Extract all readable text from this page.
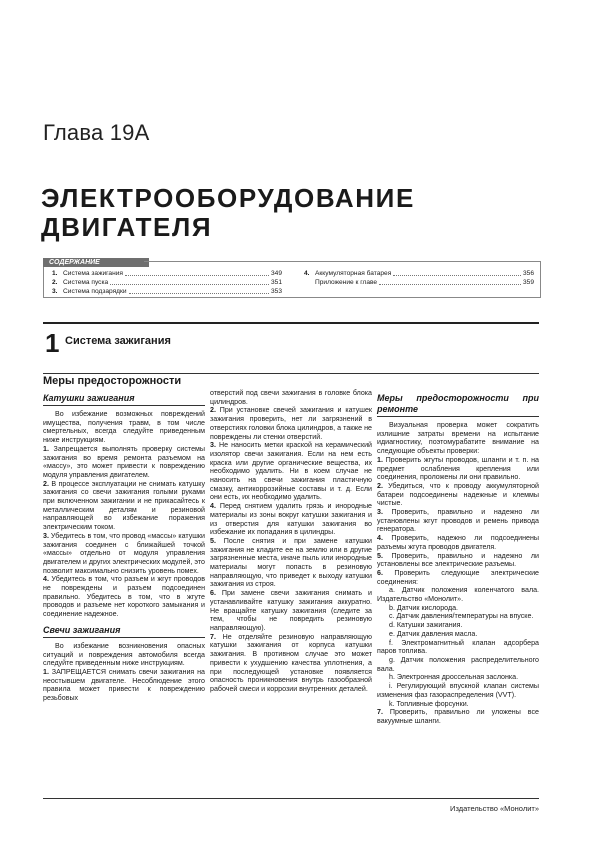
Глава 19А
ЭЛЕКТРООБОРУДОВАНИЕ
ДВИГАТЕЛЯ
СОДЕРЖАНИЕ
1. Система зажигания	349
2. Система пуска	351
3. Система подзарядки	353
4. Аккумуляторная батарея	356
Приложение к главе	359
1 Система зажигания
Меры предосторожности

Катушки зажигания

Во избежание возможных повреждений имущества, получения травм, в том числе смертельных, всегда следуйте приведенным ниже инструкциям.

1. Запрещается выполнять проверку системы зажигания во время ремонта разъемом на «массу», это может привести к повреждению модуля управления двигателем.

2. В процессе эксплуатации не снимать катушку зажигания со свечи зажигания голыми руками при включенном зажигании и не прикасайтесь к металлическим деталям и резиновой направляющей во избежание поражения электрическим током.

3. Убедитесь в том, что провод «массы» катушки зажигания соединен с ближайшей точкой «массы» отдельно от модуля управления двигателем и других электрических модулей, это позволит максимально снизить уровень помех.

4. Убедитесь в том, что разъем и жгут проводов не повреждены и разъем подсоединен правильно. Убедитесь в том, что в жгуте проводов и разъеме нет короткого замыкания и соединение надежное.

Свечи зажигания

Во избежание возникновения опасных ситуаций и повреждения автомобиля всегда следуйте приведенным ниже инструкциям.

1. ЗАПРЕЩАЕТСЯ снимать свечи зажигания на неостывшем двигателе. Несоблюдение этого правила может привести к повреждению резьбовых

отверстий под свечи зажигания в головке блока цилиндров.

2. При установке свечей зажигания и катушек зажигания проверить, нет ли загрязнений в отверстиях головки блока цилиндров, а также не повреждены ли стенки отверстий.

3. Не наносить метки краской на керамический изолятор свечи зажигания. Если на нем есть краска или другие органические вещества, их необходимо удалить. Ни в коем случае не наносить на свечи зажигания пластичную смазку, антикоррозийные составы и т. д. Если они есть, их необходимо удалить.

4. Перед снятием удалить грязь и инородные материалы из зоны вокруг катушки зажигания и из отверстия для катушки зажигания во избежание их попадания в цилиндры.

5. После снятия и при замене катушки зажигания не кладите ее на землю или в другие загрязненные места, иначе пыль или инородные материалы могут попасть в резиновую направляющую, что приведет к выходу катушки зажигания из строя.

6. При замене свечи зажигания снимать и устанавливайте катушку зажигания аккуратно. Не вращайте катушку зажигания (следите за тем, чтобы не повредить резиновую направляющую).

7. Не отделяйте резиновую направляющую катушки зажигания от корпуса катушки зажигания. В противном случае это может привести к ухудшению качества уплотнения, а при последующей установке появляется опасность проникновения внутрь газообразной рабочей смеси и коррозии внутренних деталей.

Меры предосторожности при ремонте

Визуальная проверка может сократить излишние затраты времени на испытание идиагностику, поэтомурабатите внимание на следующие объекты проверки:

1. Проверить жгуты проводов, шланги и т. п. на предмет ослабления крепления или соединения, проложены ли они правильно.

2. Убедиться, что к проводу аккумуляторной батареи подсоединены надежные и клеммы чистые.

3. Проверить, правильно и надежно ли установлены жгут проводов и ремень привода генератора.

4. Проверить, надежно ли подсоединены разъемы жгута проводов двигателя.

5. Проверить, правильно и надежно ли установлены все электрические разъемы.

6. Проверить следующие электрические соединения:

a. Датчик положения коленчатого вала. Издательство «Монолит».

b. Датчик кислорода.

c. Датчик давления/температуры на впуске.

d. Катушки зажигания.

e. Датчик давления масла.

f. Электромагнитный клапан адсорбера паров топлива.

g. Датчик положения распределительного вала.

h. Электронная дроссельная заслонка.

i. Регулирующий впускной клапан системы изменения фаз газораспределения (VVT).

k. Топливные форсунки.

7. Проверить, правильно ли уложены все вакуумные шланги.

Издательство «Монолит»
